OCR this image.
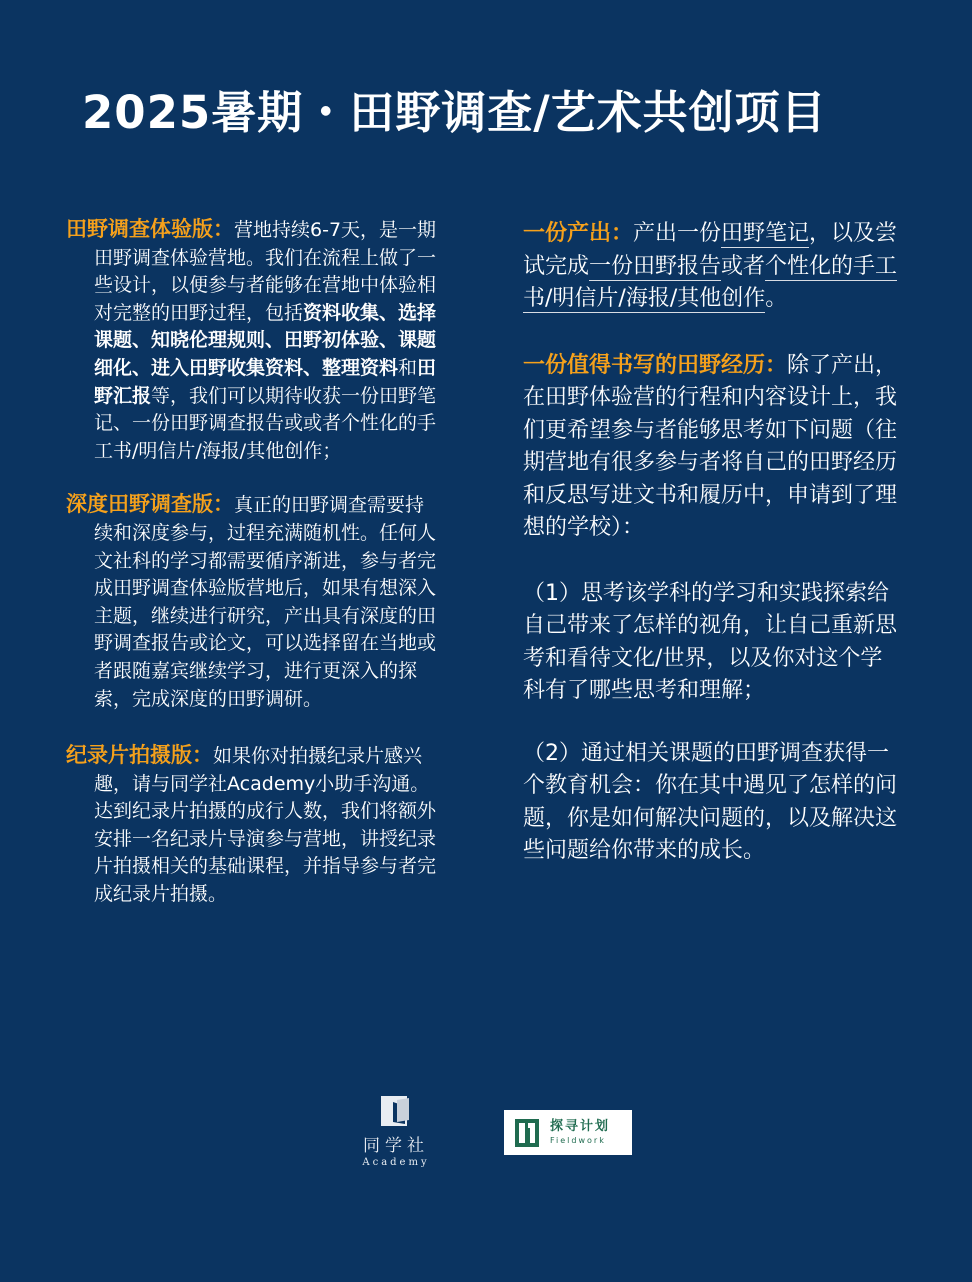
2025暑期・田野调查/艺术共创项目

田野调查体验版：营地持续6-7天，是一期田野调查体验营地。我们在流程上做了一些设计，以便参与者能够在营地中体验相对完整的田野过程，包括资料收集、选择课题、知晓伦理规则、田野初体验、课题细化、进入田野收集资料、整理资料和田野汇报等，我们可以期待收获一份田野笔记、一份田野调查报告或或者个性化的手工书/明信片/海报/其他创作；

深度田野调查版：真正的田野调查需要持续和深度参与，过程充满随机性。任何人文社科的学习都需要循序渐进，参与者完成田野调查体验版营地后，如果有想深入主题，继续进行研究，产出具有深度的田野调查报告或论文，可以选择留在当地或者跟随嘉宾继续学习，进行更深入的探索，完成深度的田野调研。

纪录片拍摄版：如果你对拍摄纪录片感兴趣，请与同学社Academy小助手沟通。达到纪录片拍摄的成行人数，我们将额外安排一名纪录片导演参与营地，讲授纪录片拍摄相关的基础课程，并指导参与者完成纪录片拍摄。

一份产出：产出一份田野笔记，以及尝试完成一份田野报告或者个性化的手工书/明信片/海报/其他创作。

一份值得书写的田野经历：除了产出，在田野体验营的行程和内容设计上，我们更希望参与者能够思考如下问题（往期营地有很多参与者将自己的田野经历和反思写进文书和履历中，申请到了理想的学校）：

（1）思考该学科的学习和实践探索给自己带来了怎样的视角，让自己重新思考和看待文化/世界，以及你对这个学科有了哪些思考和理解；

（2）通过相关课题的田野调查获得一个教育机会：你在其中遇见了怎样的问题，你是如何解决问题的，以及解决这些问题给你带来的成长。

同学社
Academy
探寻计划
Fieldwork
